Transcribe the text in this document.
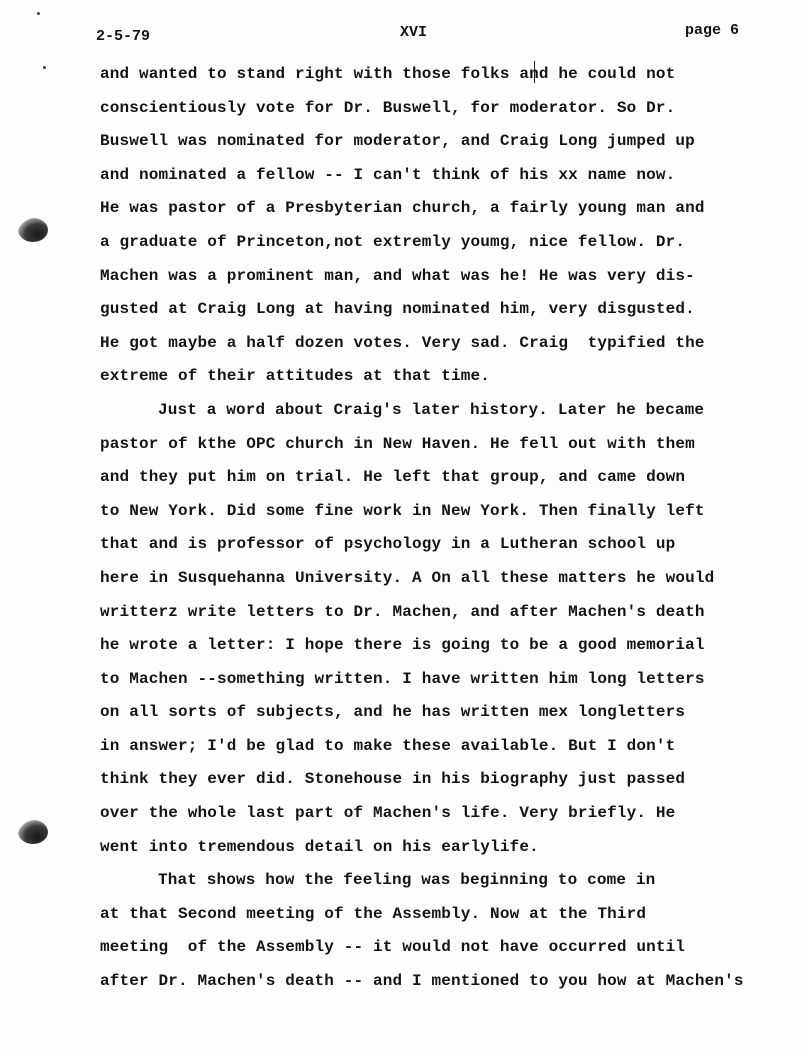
2-5-79	XVI	page 6
and wanted to stand right with those folks and he could not
conscientiously vote for Dr. Buswell, for moderator. So Dr.
Buswell was nominated for moderator, and Craig Long jumped up
and nominated a fellow -- I can't think of his xx name now.
He was pastor of a Presbyterian church, a fairly young man and
a graduate of Princeton,not extremly youmg, nice fellow. Dr.
Machen was a prominent man, and what was he! He was very dis-
gusted at Craig Long at having nominated him, very disgusted.
He got maybe a half dozen votes. Very sad. Craig  typified the
extreme of their attitudes at that time.
Just a word about Craig's later history. Later he became
pastor of kthe OPC church in New Haven. He fell out with them
and they put him on trial. He left that group, and came down
to New York. Did some fine work in New York. Then finally left
that and is professor of psychology in a Lutheran school up
here in Susquehanna University. A On all these matters he would
writterz write letters to Dr. Machen, and after Machen's death
he wrote a letter: I hope there is going to be a good memorial
to Machen --something written. I have written him long letters
on all sorts of subjects, and he has written mex longletters
in answer; I'd be glad to make these available. But I don't
think they ever did. Stonehouse in his biography just passed
over the whole last part of Machen's life. Very briefly. He
went into tremendous detail on his earlylife.
That shows how the feeling was beginning to come in
at that Second meeting of the Assembly. Now at the Third
meeting  of the Assembly -- it would not have occurred until
after Dr. Machen's death -- and I mentioned to you how at Machen's
